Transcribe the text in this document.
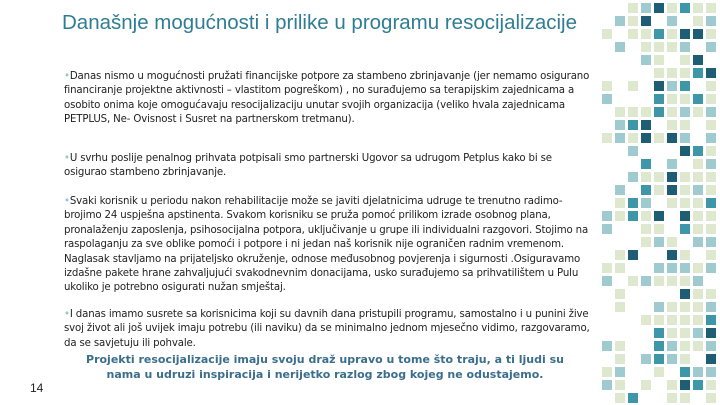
Današnje mogućnosti i prilike u programu resocijalizacije

•Danas nismo u mogućnosti pružati financijske potpore za stambeno zbrinjavanje (jer nemamo osigurano financiranje projektne aktivnosti – vlastitom pogreškom) , no surađujemo sa terapijskim zajednicama a osobito onima koje omogućavaju resocijalizaciju unutar svojih organizacija (veliko hvala zajednicama PETPLUS, Ne- Ovisnost i Susret na partnerskom tretmanu).

•U svrhu poslije penalnog prihvata potpisali smo partnerski Ugovor sa udrugom Petplus kako bi se osigurao stambeno zbrinjavanje.

•Svaki korisnik u periodu nakon rehabilitacije može se javiti djelatnicima udruge te trenutno radimo- brojimo 24 uspješna apstinenta. Svakom korisniku se pruža pomoć prilikom izrade osobnog plana, pronalaženju zaposlenja, psihosocijalna potpora, uključivanje u grupe ili individualni razgovori. Stojimo na raspolaganju za sve oblike pomoći i potpore i ni jedan naš korisnik nije ograničen radnim vremenom. Naglasak stavljamo na prijateljsko okruženje, odnose međusobnog povjerenja i sigurnosti .Osiguravamo izdašne pakete hrane zahvaljujući svakodnevnim donacijama, usko surađujemo sa prihvatilištem u Pulu ukoliko je potrebno osigurati nužan smještaj.

•I danas imamo susrete sa korisnicima koji su davnih dana pristupili programu, samostalno i u punini žive svoj život ali još uvijek imaju potrebu (ili naviku) da se minimalno jednom mjesečno vidimo, razgovaramo, da se savjetuju ili pohvale.

Projekti resocijalizacije imaju svoju draž upravo u tome što traju, a ti ljudi su nama u udruzi inspiracija i nerijetko razlog zbog kojeg ne odustajemo.
14
